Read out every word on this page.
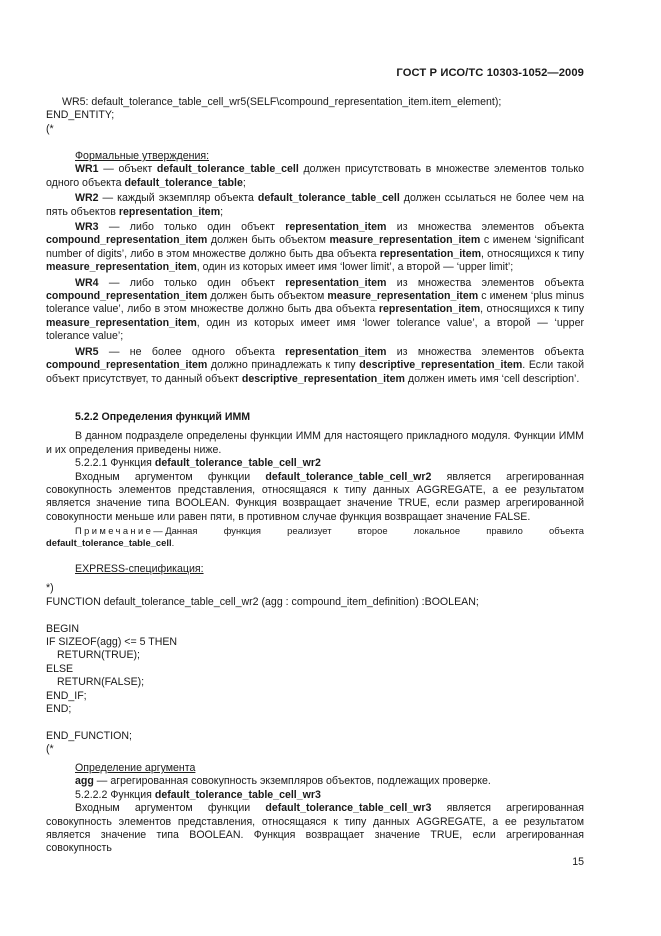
ГОСТ Р ИСО/ТС 10303-1052—2009
WR5: default_tolerance_table_cell_wr5(SELF\compound_representation_item.item_element);
END_ENTITY;
(*

Формальные утверждения:

WR1 — объект default_tolerance_table_cell должен присутствовать в множестве элементов только одного объекта default_tolerance_table;

WR2 — каждый экземпляр объекта default_tolerance_table_cell должен ссылаться не более чем на пять объектов representation_item;

WR3 — либо только один объект representation_item из множества элементов объекта compound_representation_item должен быть объектом measure_representation_item с именем ‘significant number of digits’, либо в этом множестве должно быть два объекта representation_item, относящихся к типу measure_representation_item, один из которых имеет имя ‘lower limit’, а второй — ‘upper limit’;

WR4 — либо только один объект representation_item из множества элементов объекта compound_representation_item должен быть объектом measure_representation_item с именем ‘plus minus tolerance value’, либо в этом множестве должно быть два объекта representation_item, относящихся к типу measure_representation_item, один из которых имеет имя ‘lower tolerance value’, а второй — ‘upper tolerance value’;

WR5 — не более одного объекта representation_item из множества элементов объекта compound_representation_item должно принадлежать к типу descriptive_representation_item. Если такой объект присутствует, то данный объект descriptive_representation_item должен иметь имя ‘cell description’.

5.2.2 Определения функций ИММ

В данном подразделе определены функции ИММ для настоящего прикладного модуля. Функции ИММ и их определения приведены ниже.

5.2.2.1 Функция default_tolerance_table_cell_wr2

Входным аргументом функции default_tolerance_table_cell_wr2 является агрегированная совокупность элементов представления, относящаяся к типу данных AGGREGATE, а ее результатом является значение типа BOOLEAN. Функция возвращает значение TRUE, если размер агрегированной совокупности меньше или равен пяти, в противном случае функция возвращает значение FALSE.

Примечание— Данная	функция	реализует	второе	локальное	правило	объекта
default_tolerance_table_cell.

EXPRESS-спецификация:

*)
FUNCTION default_tolerance_table_cell_wr2 (agg : compound_item_definition) :BOOLEAN;
BEGIN
IF SIZEOF(agg) <= 5 THEN
RETURN(TRUE);
ELSE
RETURN(FALSE);
END_IF;
END;
END_FUNCTION;
(*

Определение аргумента

agg — агрегированная совокупность экземпляров объектов, подлежащих проверке.

5.2.2.2 Функция default_tolerance_table_cell_wr3

Входным аргументом функции default_tolerance_table_cell_wr3 является агрегированная совокупность элементов представления, относящаяся к типу данных AGGREGATE, а ее результатом является значение типа BOOLEAN. Функция возвращает значение TRUE, если агрегированная совокупность

15
